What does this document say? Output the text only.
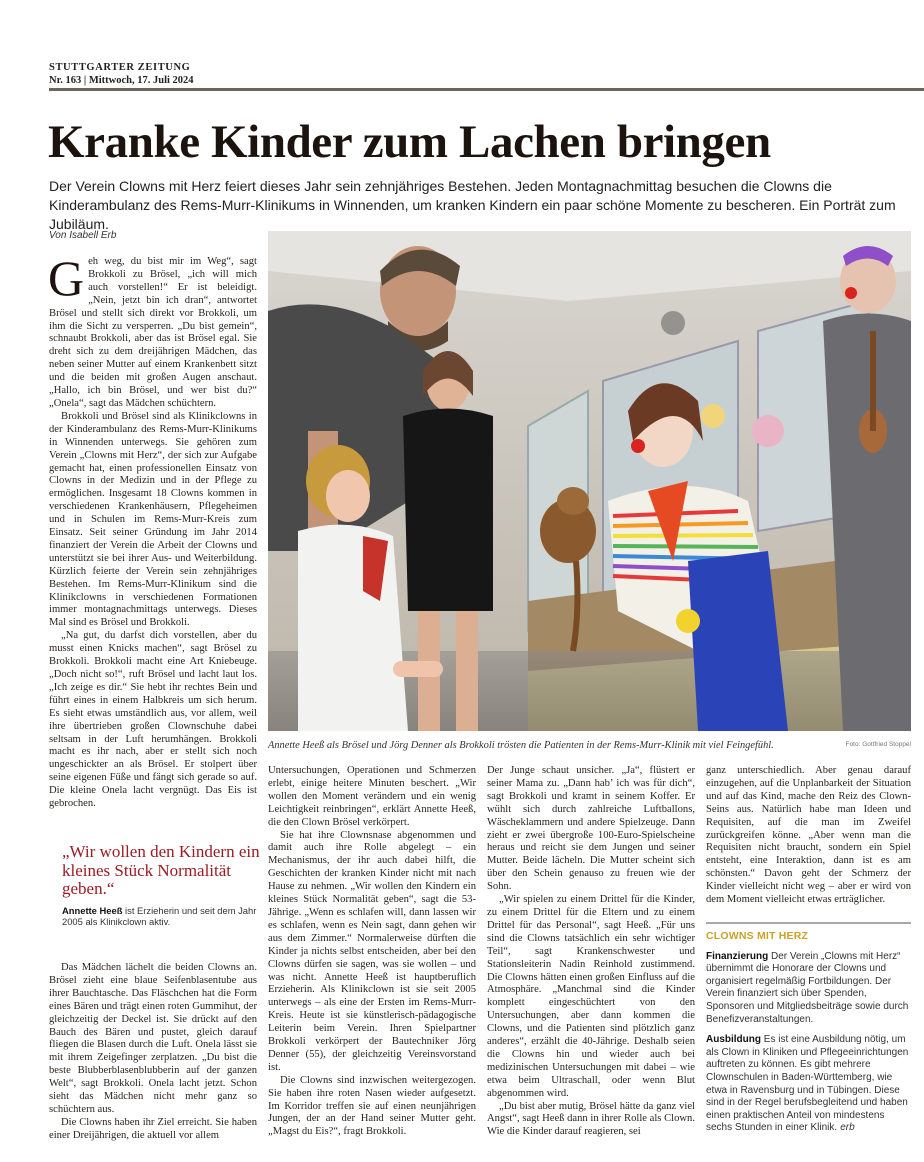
STUTTGARTER ZEITUNG
Nr. 163 | Mittwoch, 17. Juli 2024
Kranke Kinder zum Lachen bringen
Der Verein Clowns mit Herz feiert dieses Jahr sein zehnjähriges Bestehen. Jeden Montagnachmittag besuchen die Clowns die Kinderambulanz des Rems-Murr-Klinikums in Winnenden, um kranken Kindern ein paar schöne Momente zu bescheren. Ein Porträt zum Jubiläum.
Von Isabell Erb

Geh weg, du bist mir im Weg“, sagt Brokkoli zu Brösel, „ich will mich auch vorstellen!“ Er ist beleidigt. „Nein, jetzt bin ich dran“, antwortet Brösel und stellt sich direkt vor Brokkoli, um ihm die Sicht zu versperren. „Du bist gemein“, schnaubt Brokkoli, aber das ist Brösel egal. Sie dreht sich zu dem dreijährigen Mädchen, das neben seiner Mutter auf einem Krankenbett sitzt und die beiden mit großen Augen anschaut. „Hallo, ich bin Brösel, und wer bist du?“ „Onela“, sagt das Mädchen schüchtern.

Brokkoli und Brösel sind als Klinikclowns in der Kinderambulanz des Rems-Murr-Klinikums in Winnenden unterwegs. Sie gehören zum Verein „Clowns mit Herz“, der sich zur Aufgabe gemacht hat, einen professionellen Einsatz von Clowns in der Medizin und in der Pflege zu ermöglichen. Insgesamt 18 Clowns kommen in verschiedenen Krankenhäusern, Pflegeheimen und in Schulen im Rems-Murr-Kreis zum Einsatz. Seit seiner Gründung im Jahr 2014 finanziert der Verein die Arbeit der Clowns und unterstützt sie bei ihrer Aus- und Weiterbildung. Kürzlich feierte der Verein sein zehnjähriges Bestehen. Im Rems-Murr-Klinikum sind die Klinikclowns in verschiedenen Formationen immer montagnachmittags unterwegs. Dieses Mal sind es Brösel und Brokkoli.

„Na gut, du darfst dich vorstellen, aber du musst einen Knicks machen“, sagt Brösel zu Brokkoli. Brokkoli macht eine Art Kniebeuge. „Doch nicht so!“, ruft Brösel und lacht laut los. „Ich zeige es dir.“ Sie hebt ihr rechtes Bein und führt eines in einem Halbkreis um sich herum. Es sieht etwas umständlich aus, vor allem, weil ihre übertrieben großen Clownschuhe dabei seltsam in der Luft herumhängen. Brokkoli macht es ihr nach, aber er stellt sich noch ungeschickter an als Brösel. Er stolpert über seine eigenen Füße und fängt sich gerade so auf. Die kleine Onela lacht vergnügt. Das Eis ist gebrochen.

„Wir wollen den Kindern ein kleines Stück Normalität geben.“
Annette Heeß ist Erzieherin und seit dem Jahr 2005 als Klinikclown aktiv.

Das Mädchen lächelt die beiden Clowns an. Brösel zieht eine blaue Seifenblasentube aus ihrer Bauchtasche. Das Fläschchen hat die Form eines Bären und trägt einen roten Gummihut, der gleichzeitig der Deckel ist. Sie drückt auf den Bauch des Bären und pustet, gleich darauf fliegen die Blasen durch die Luft. Onela lässt sie mit ihrem Zeigefinger zerplatzen. „Du bist die beste Blubberblasenblubberin auf der ganzen Welt“, sagt Brokkoli. Onela lacht jetzt. Schon sieht das Mädchen nicht mehr ganz so schüchtern aus.

Die Clowns haben ihr Ziel erreicht. Sie haben einer Dreijährigen, die aktuell vor allem

Annette Heeß als Brösel und Jörg Denner als Brokkoli trösten die Patienten in der Rems-Murr-Klinik mit viel Feingefühl.	Foto: Gottfried Stoppel

Untersuchungen, Operationen und Schmerzen erlebt, einige heitere Minuten beschert. „Wir wollen den Moment verändern und ein wenig Leichtigkeit reinbringen“, erklärt Annette Heeß, die den Clown Brösel verkörpert.

Sie hat ihre Clownsnase abgenommen und damit auch ihre Rolle abgelegt – ein Mechanismus, der ihr auch dabei hilft, die Geschichten der kranken Kinder nicht mit nach Hause zu nehmen. „Wir wollen den Kindern ein kleines Stück Normalität geben“, sagt die 53-Jährige. „Wenn es schlafen will, dann lassen wir es schlafen, wenn es Nein sagt, dann gehen wir aus dem Zimmer.“ Normalerweise dürften die Kinder ja nichts selbst entscheiden, aber bei den Clowns dürfen sie sagen, was sie wollen – und was nicht. Annette Heeß ist hauptberuflich Erzieherin. Als Klinikclown ist sie seit 2005 unterwegs – als eine der Ersten im Rems-Murr-Kreis. Heute ist sie künstlerisch-pädagogische Leiterin beim Verein. Ihren Spielpartner Brokkoli verkörpert der Bautechniker Jörg Denner (55), der gleichzeitig Vereinsvorstand ist.

Die Clowns sind inzwischen weitergezogen. Sie haben ihre roten Nasen wieder aufgesetzt. Im Korridor treffen sie auf einen neunjährigen Jungen, der an der Hand seiner Mutter geht. „Magst du Eis?“, fragt Brokkoli.

Der Junge schaut unsicher. „Ja“, flüstert er seiner Mama zu. „Dann hab’ ich was für dich“, sagt Brokkoli und kramt in seinem Koffer. Er wühlt sich durch zahlreiche Luftballons, Wäscheklammern und andere Spielzeuge. Dann zieht er zwei übergroße 100-Euro-Spielscheine heraus und reicht sie dem Jungen und seiner Mutter. Beide lächeln. Die Mutter scheint sich über den Schein genauso zu freuen wie der Sohn.

„Wir spielen zu einem Drittel für die Kinder, zu einem Drittel für die Eltern und zu einem Drittel für das Personal“, sagt Heeß. „Für uns sind die Clowns tatsächlich ein sehr wichtiger Teil“, sagt Krankenschwester und Stationsleiterin Nadin Reinhold zustimmend. Die Clowns hätten einen großen Einfluss auf die Atmosphäre. „Manchmal sind die Kinder komplett eingeschüchtert von den Untersuchungen, aber dann kommen die Clowns, und die Patienten sind plötzlich ganz anderes“, erzählt die 40-Jährige. Deshalb seien die Clowns hin und wieder auch bei medizinischen Untersuchungen mit dabei – wie etwa beim Ultraschall, oder wenn Blut abgenommen wird.

„Du bist aber mutig, Brösel hätte da ganz viel Angst“, sagt Heeß dann in ihrer Rolle als Clown. Wie die Kinder darauf reagieren, sei

ganz unterschiedlich. Aber genau darauf einzugehen, auf die Unplanbarkeit der Situation und auf das Kind, mache den Reiz des Clown-Seins aus. Natürlich habe man Ideen und Requisiten, auf die man im Zweifel zurückgreifen könne. „Aber wenn man die Requisiten nicht braucht, sondern ein Spiel entsteht, eine Interaktion, dann ist es am schönsten.“ Davon geht der Schmerz der Kinder vielleicht nicht weg – aber er wird von dem Moment vielleicht etwas erträglicher.

CLOWNS MIT HERZ

Finanzierung Der Verein „Clowns mit Herz“ übernimmt die Honorare der Clowns und organisiert regelmäßig Fortbildungen. Der Verein finanziert sich über Spenden, Sponsoren und Mitgliedsbeiträge sowie durch Benefizveranstaltungen.

Ausbildung Es ist eine Ausbildung nötig, um als Clown in Kliniken und Pflegeeinrichtungen auftreten zu können. Es gibt mehrere Clownschulen in Baden-Württemberg, wie etwa in Ravensburg und in Tübingen. Diese sind in der Regel berufsbegleitend und haben einen praktischen Anteil von mindestens sechs Stunden in einer Klinik. erb
